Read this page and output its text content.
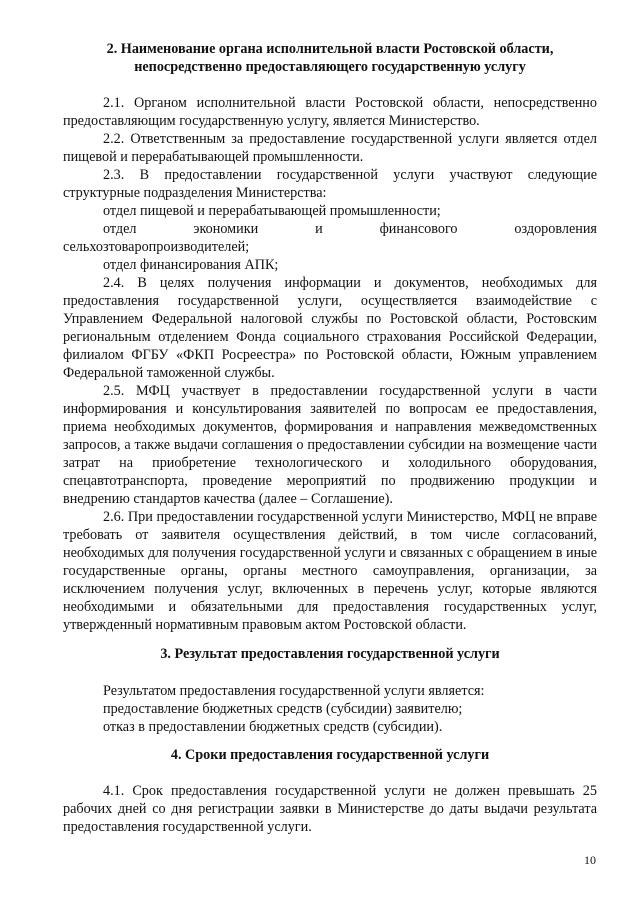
2. Наименование органа исполнительной власти Ростовской области,

непосредственно предоставляющего государственную услугу

2.1. Органом исполнительной власти Ростовской области, непосредственно предоставляющим государственную услугу, является Министерство.

2.2. Ответственным за предоставление государственной услуги является отдел пищевой и перерабатывающей промышленности.

2.3. В предоставлении государственной услуги участвуют следующие структурные подразделения Министерства:

отдел пищевой и перерабатывающей промышленности;

отдел	экономики	и	финансового	оздоровления
сельхозтоваропроизводителей;

отдел финансирования АПК;

2.4. В целях получения информации и документов, необходимых для предоставления государственной услуги, осуществляется взаимодействие с Управлением Федеральной налоговой службы по Ростовской области, Ростовским региональным отделением Фонда социального страхования Российской Федерации, филиалом ФГБУ «ФКП Росреестра» по Ростовской области, Южным управлением Федеральной таможенной службы.

2.5. МФЦ участвует в предоставлении государственной услуги в части информирования и консультирования заявителей по вопросам ее предоставления, приема необходимых документов, формирования и направления межведомственных запросов, а также выдачи соглашения о предоставлении субсидии на возмещение части затрат на приобретение технологического и холодильного оборудования, спецавтотранспорта, проведение мероприятий по продвижению продукции и внедрению стандартов качества (далее – Соглашение).

2.6. При предоставлении государственной услуги Министерство, МФЦ не вправе требовать от заявителя осуществления действий, в том числе согласований, необходимых для получения государственной услуги и связанных с обращением в иные государственные органы, органы местного самоуправления, организации, за исключением получения услуг, включенных в перечень услуг, которые являются необходимыми и обязательными для предоставления государственных услуг, утвержденный нормативным правовым актом Ростовской области.

3. Результат предоставления государственной услуги

Результатом предоставления государственной услуги является:

предоставление бюджетных средств (субсидии) заявителю;

отказ в предоставлении бюджетных средств (субсидии).

4. Сроки предоставления государственной услуги

4.1. Срок предоставления государственной услуги не должен превышать 25 рабочих дней со дня регистрации заявки в Министерстве до даты выдачи результата предоставления государственной услуги.

10
